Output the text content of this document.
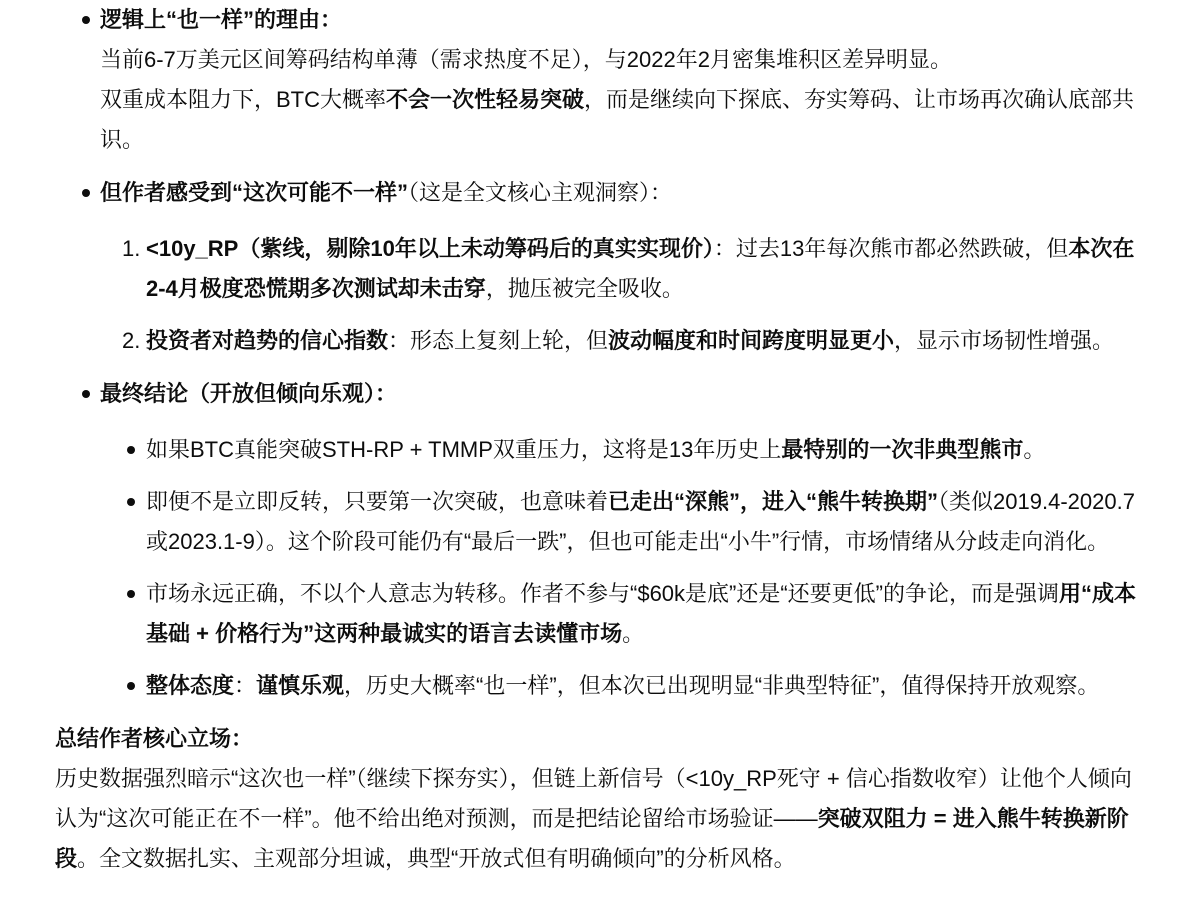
逻辑上“也一样”的理由：

当前6-7万美元区间筹码结构单薄（需求热度不足），与2022年2月密集堆积区差异明显。

双重成本阻力下，BTC大概率不会一次性轻易突破，而是继续向下探底、夯实筹码、让市场再次确认底部共识。

但作者感受到“这次可能不一样”（这是全文核心主观洞察）：

1. <10y_RP（紫线，剔除10年以上未动筹码后的真实实现价）：过去13年每次熊市都必然跌破，但本次在2-4月极度恐慌期多次测试却未击穿，抛压被完全吸收。

2. 投资者对趋势的信心指数：形态上复刻上轮，但波动幅度和时间跨度明显更小，显示市场韧性增强。

最终结论（开放但倾向乐观）：

如果BTC真能突破STH-RP + TMMP双重压力，这将是13年历史上最特别的一次非典型熊市。

即便不是立即反转，只要第一次突破，也意味着已走出“深熊”，进入“熊牛转换期”（类似2019.4-2020.7或2023.1-9）。这个阶段可能仍有“最后一跌”，但也可能走出“小牛”行情，市场情绪从分歧走向消化。

市场永远正确，不以个人意志为转移。作者不参与“$60k是底”还是“还要更低”的争论，而是强调用“成本基础 + 价格行为”这两种最诚实的语言去读懂市场。

整体态度：谨慎乐观，历史大概率“也一样”，但本次已出现明显“非典型特征”，值得保持开放观察。

总结作者核心立场：

历史数据强烈暗示“这次也一样”（继续下探夯实），但链上新信号（<10y_RP死守 + 信心指数收窄）让他个人倾向认为“这次可能正在不一样”。他不给出绝对预测，而是把结论留给市场验证——突破双阻力 = 进入熊牛转换新阶段。全文数据扎实、主观部分坦诚，典型“开放式但有明确倾向”的分析风格。
